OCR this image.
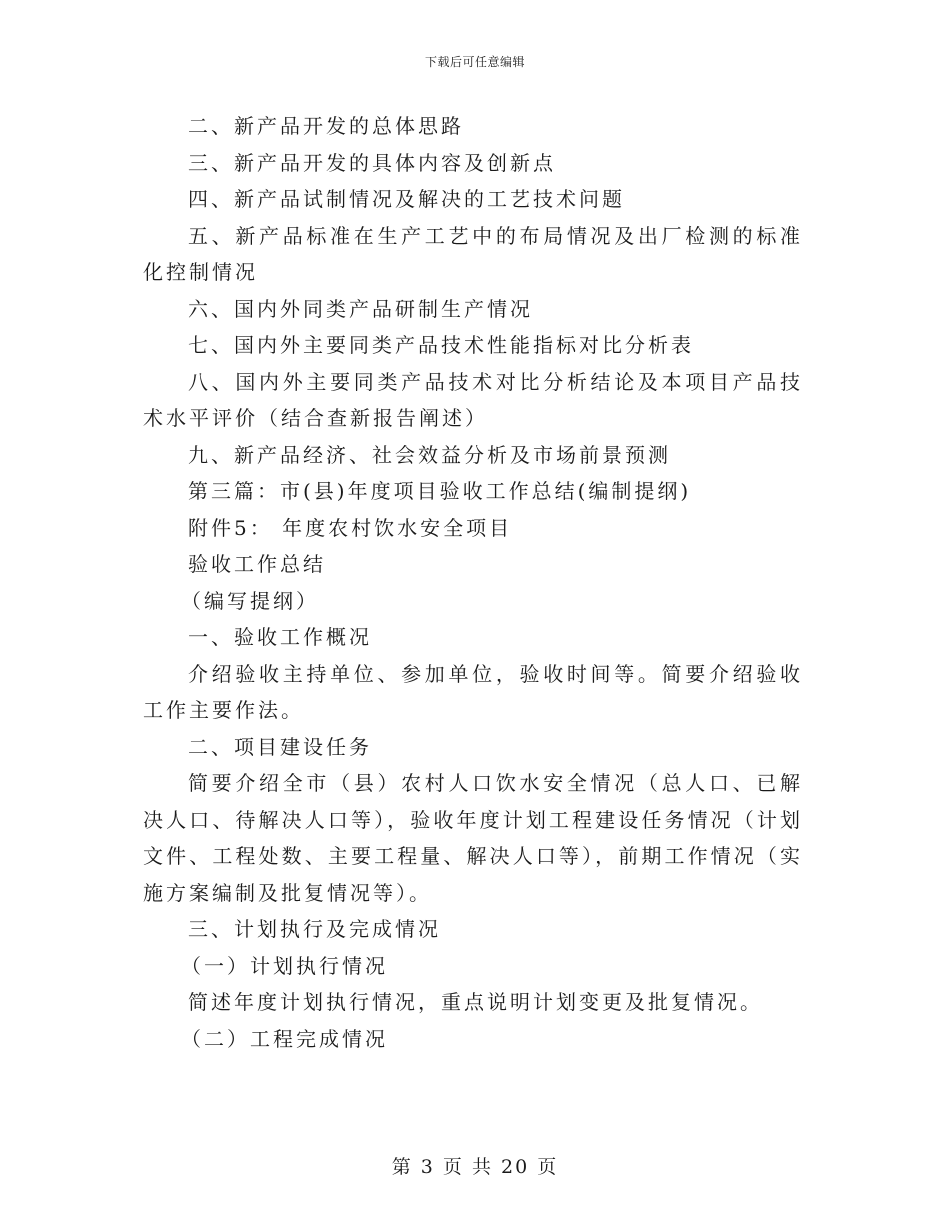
下载后可任意编辑

二、新产品开发的总体思路

三、新产品开发的具体内容及创新点

四、新产品试制情况及解决的工艺技术问题

五、新产品标准在生产工艺中的布局情况及出厂检测的标准化控制情况

六、国内外同类产品研制生产情况

七、国内外主要同类产品技术性能指标对比分析表

八、国内外主要同类产品技术对比分析结论及本项目产品技术水平评价（结合查新报告阐述）

九、新产品经济、社会效益分析及市场前景预测

第三篇：市(县)年度项目验收工作总结(编制提纲)

附件5： 年度农村饮水安全项目

验收工作总结

（编写提纲）

一、验收工作概况

介绍验收主持单位、参加单位，验收时间等。简要介绍验收工作主要作法。

二、项目建设任务

简要介绍全市（县）农村人口饮水安全情况（总人口、已解决人口、待解决人口等），验收年度计划工程建设任务情况（计划文件、工程处数、主要工程量、解决人口等），前期工作情况（实施方案编制及批复情况等）。

三、计划执行及完成情况

（一）计划执行情况

简述年度计划执行情况，重点说明计划变更及批复情况。

（二）工程完成情况

第 3 页 共 20 页
